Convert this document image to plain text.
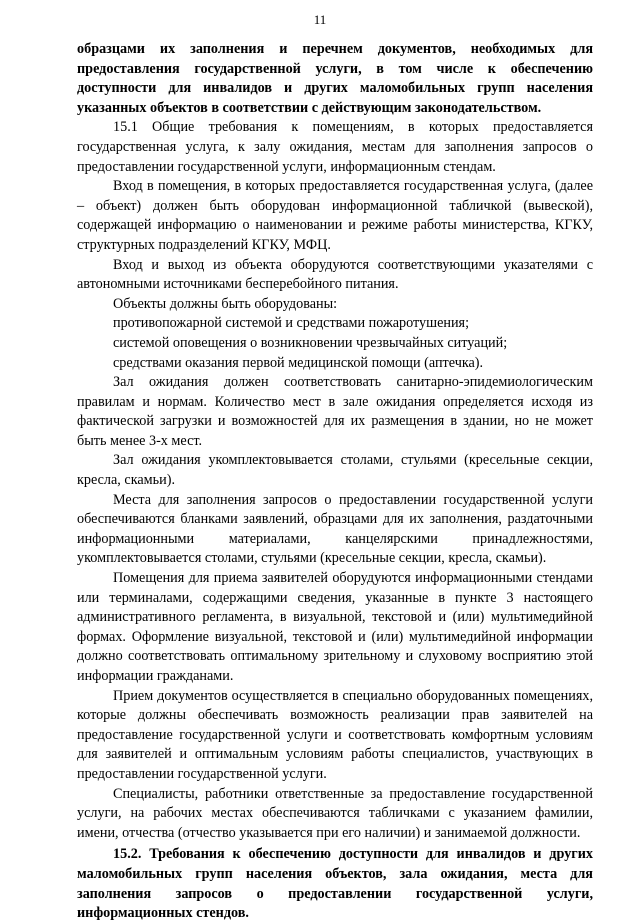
11

образцами их заполнения и перечнем документов, необходимых для предоставления государственной услуги, в том числе к обеспечению доступности для инвалидов и других маломобильных групп населения указанных объектов в соответствии с действующим законодательством.

15.1 Общие требования к помещениям, в которых предоставляется государственная услуга, к залу ожидания, местам для заполнения запросов о предоставлении государственной услуги, информационным стендам.

Вход в помещения, в которых предоставляется государственная услуга, (далее – объект) должен быть оборудован информационной табличкой (вывеской), содержащей информацию о наименовании и режиме работы министерства, КГКУ, структурных подразделений КГКУ, МФЦ.

Вход и выход из объекта оборудуются соответствующими указателями с автономными источниками бесперебойного питания.

Объекты должны быть оборудованы:

противопожарной системой и средствами пожаротушения;

системой оповещения о возникновении чрезвычайных ситуаций;

средствами оказания первой медицинской помощи (аптечка).

Зал ожидания должен соответствовать санитарно-эпидемиологическим правилам и нормам. Количество мест в зале ожидания определяется исходя из фактической загрузки и возможностей для их размещения в здании, но не может быть менее 3-х мест.

Зал ожидания укомплектовывается столами, стульями (кресельные секции, кресла, скамьи).

Места для заполнения запросов о предоставлении государственной услуги обеспечиваются бланками заявлений, образцами для их заполнения, раздаточными информационными материалами, канцелярскими принадлежностями, укомплектовывается столами, стульями (кресельные секции, кресла, скамьи).

Помещения для приема заявителей оборудуются информационными стендами или терминалами, содержащими сведения, указанные в пункте 3 настоящего административного регламента, в визуальной, текстовой и (или) мультимедийной формах. Оформление визуальной, текстовой и (или) мультимедийной информации должно соответствовать оптимальному зрительному и слуховому восприятию этой информации гражданами.

Прием документов осуществляется в специально оборудованных помещениях, которые должны обеспечивать возможность реализации прав заявителей на предоставление государственной услуги и соответствовать комфортным условиям для заявителей и оптимальным условиям работы специалистов, участвующих в предоставлении государственной услуги.

Специалисты, работники ответственные за предоставление государственной услуги, на рабочих местах обеспечиваются табличками с указанием фамилии, имени, отчества (отчество указывается при его наличии) и занимаемой должности.

15.2. Требования к обеспечению доступности для инвалидов и других маломобильных групп населения объектов, зала ожидания, места для заполнения запросов о предоставлении государственной услуги, информационных стендов.
